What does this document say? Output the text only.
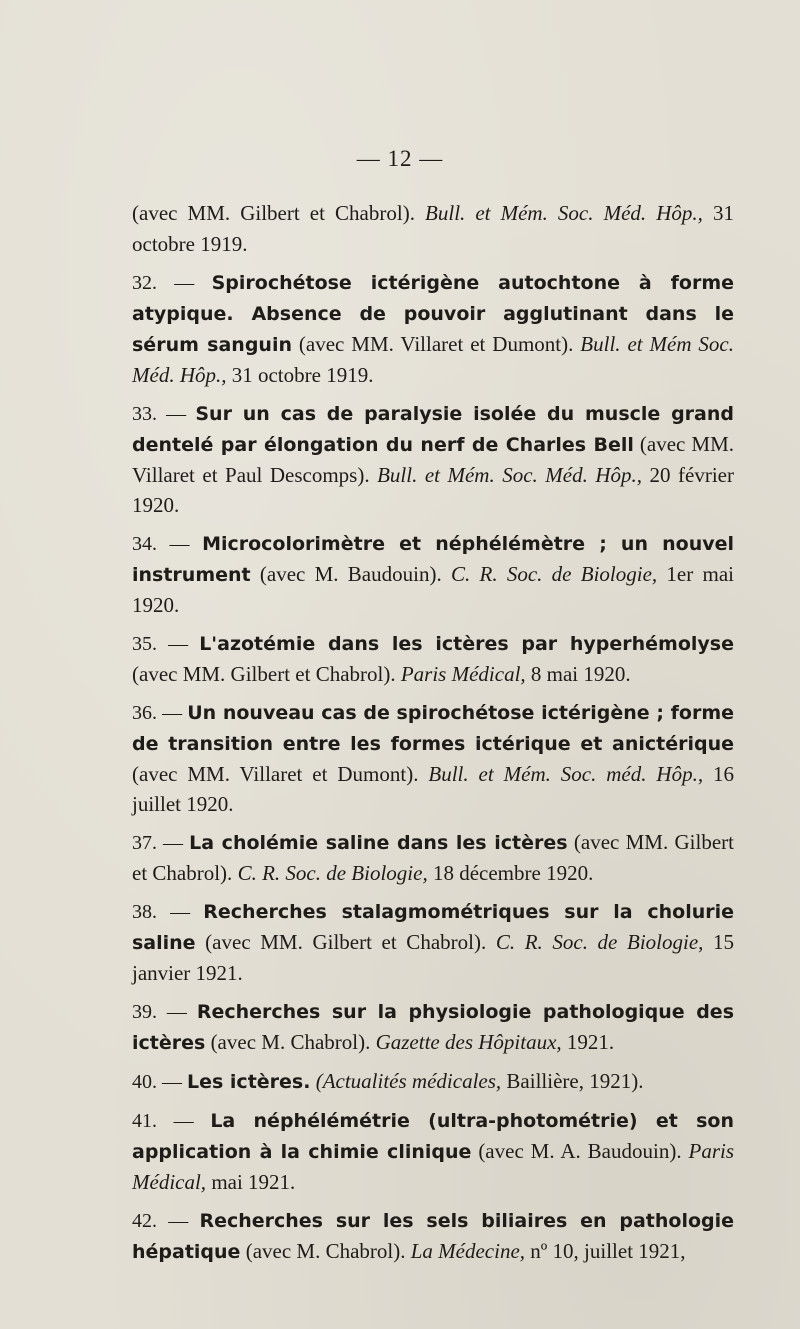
— 12 —

(avec MM. Gilbert et Chabrol). Bull. et Mém. Soc. Méd. Hôp., 31 octobre 1919.

32. — Spirochétose ictérigène autochtone à forme atypique. Absence de pouvoir agglutinant dans le sérum sanguin (avec MM. Villaret et Dumont). Bull. et Mém Soc. Méd. Hôp., 31 octobre 1919.

33. — Sur un cas de paralysie isolée du muscle grand dentelé par élongation du nerf de Charles Bell (avec MM. Villaret et Paul Descomps). Bull. et Mém. Soc. Méd. Hôp., 20 février 1920.

34. — Microcolorimètre et néphélémètre ; un nouvel instrument (avec M. Baudouin). C. R. Soc. de Biologie, 1er mai 1920.

35. — L'azotémie dans les ictères par hyperhémolyse (avec MM. Gilbert et Chabrol). Paris Médical, 8 mai 1920.

36. — Un nouveau cas de spirochétose ictérigène ; forme de transition entre les formes ictérique et anictérique (avec MM. Villaret et Dumont). Bull. et Mém. Soc. méd. Hôp., 16 juillet 1920.

37. — La cholémie saline dans les ictères (avec MM. Gilbert et Chabrol). C. R. Soc. de Biologie, 18 décembre 1920.

38. — Recherches stalagmométriques sur la cholurie saline (avec MM. Gilbert et Chabrol). C. R. Soc. de Biologie, 15 janvier 1921.

39. — Recherches sur la physiologie pathologique des ictères (avec M. Chabrol). Gazette des Hôpitaux, 1921.

40. — Les ictères. (Actualités médicales, Baillière, 1921).

41. — La néphélémétrie (ultra-photométrie) et son application à la chimie clinique (avec M. A. Baudouin). Paris Médical, mai 1921.

42. — Recherches sur les sels biliaires en pathologie hépatique (avec M. Chabrol). La Médecine, nº 10, juillet 1921,
